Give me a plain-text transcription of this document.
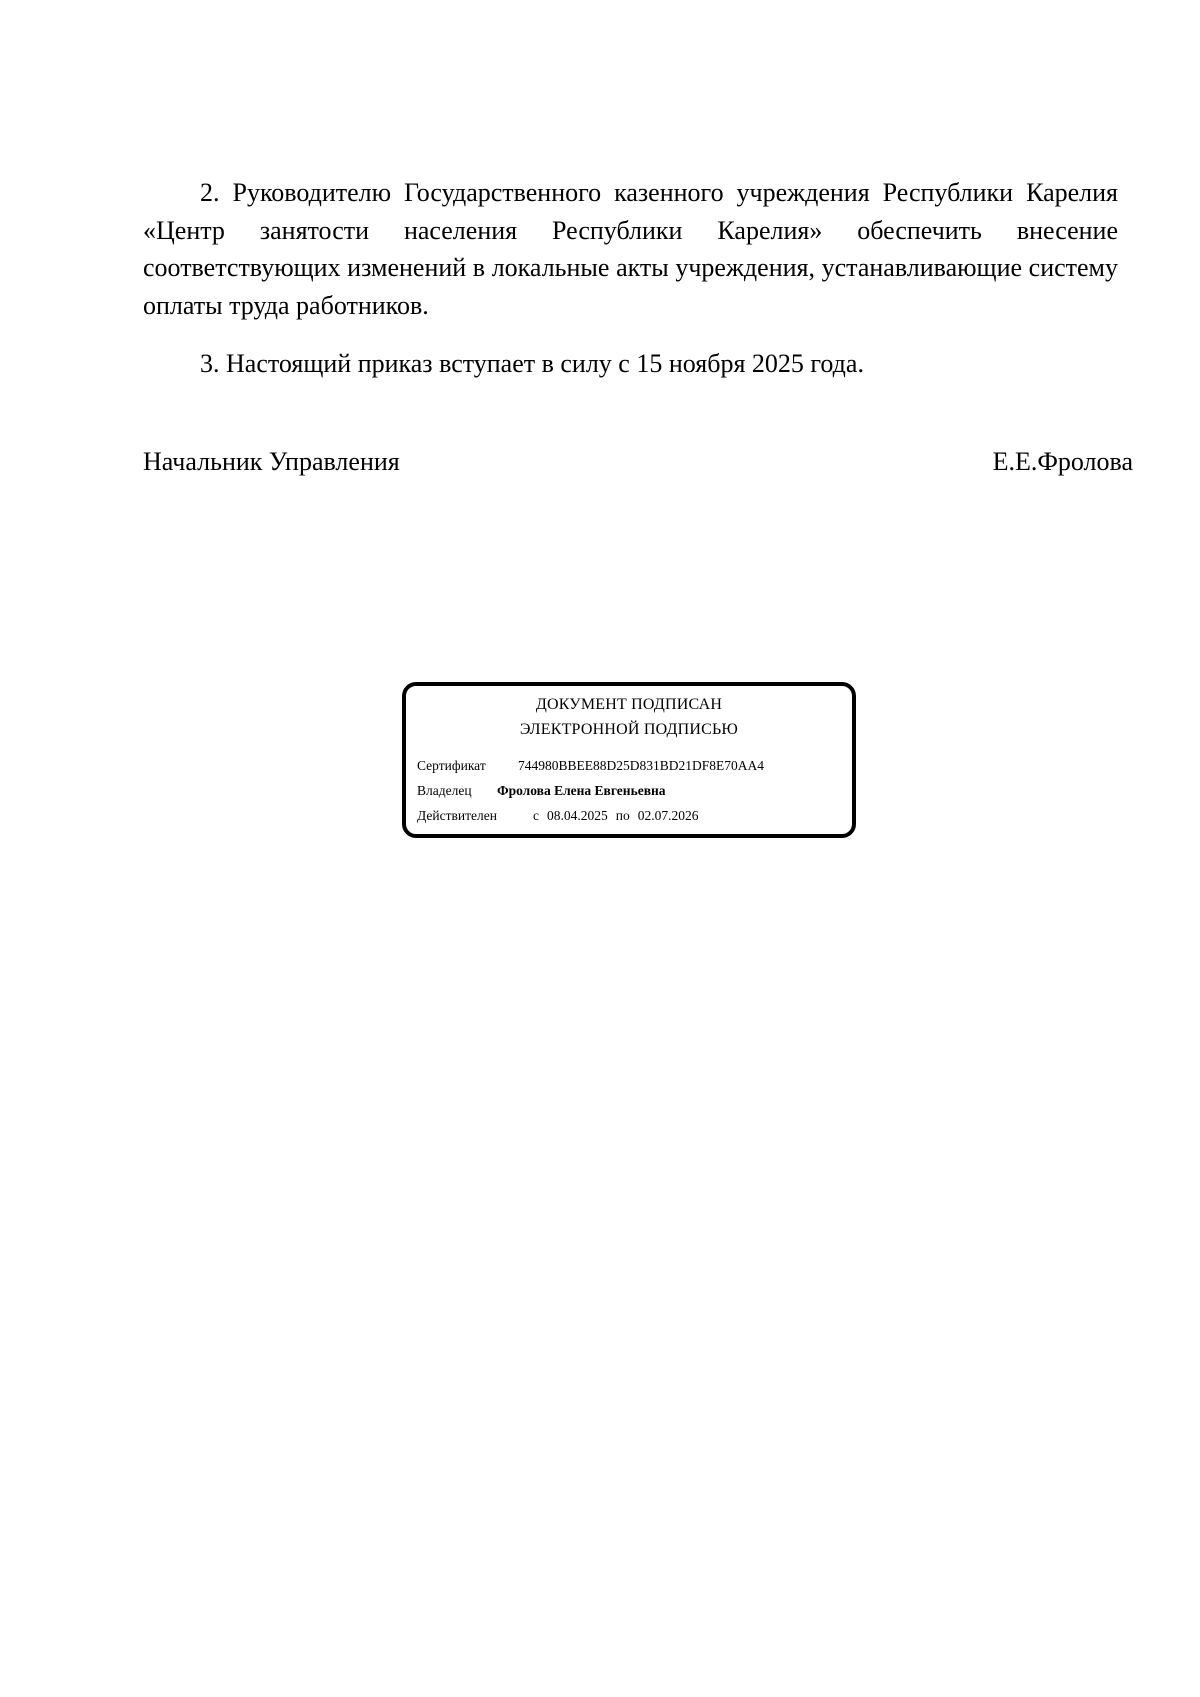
2. Руководителю Государственного казенного учреждения Республики Карелия «Центр занятости населения Республики Карелия» обеспечить внесение соответствующих изменений в локальные акты учреждения, устанавливающие систему оплаты труда работников.

3. Настоящий приказ вступает в силу с 15 ноября 2025 года.

Начальник Управления	Е.Е.Фролова
ДОКУМЕНТ ПОДПИСАН
ЭЛЕКТРОННОЙ ПОДПИСЬЮ
Сертификат 744980BBEE88D25D831BD21DF8E70AA4
Владелец Фролова Елена Евгеньевна
Действителен	с 08.04.2025 по 02.07.2026
